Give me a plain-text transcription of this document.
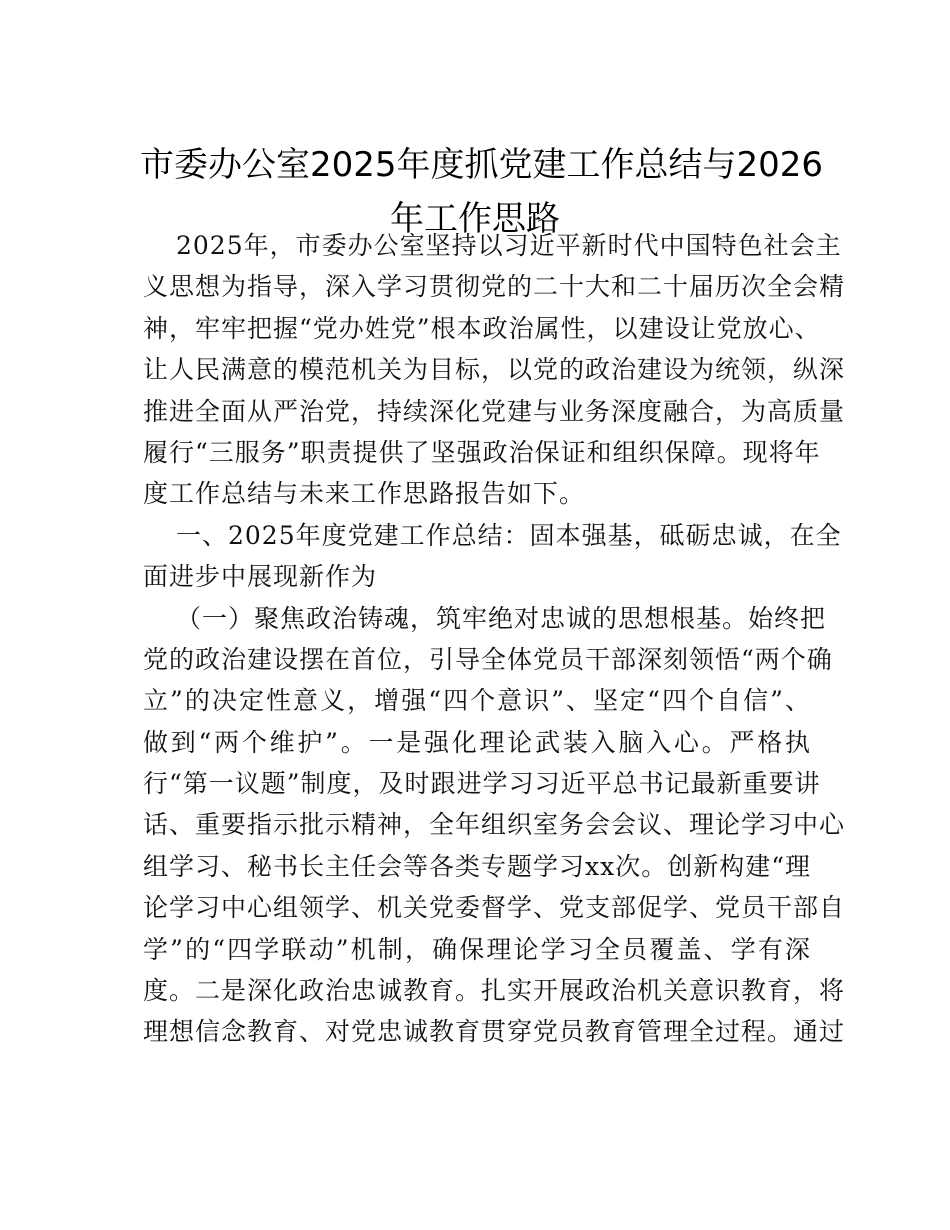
市委办公室2025年度抓党建工作总结与2026
年工作思路
2025年，市委办公室坚持以习近平新时代中国特色社会主
义思想为指导，深入学习贯彻党的二十大和二十届历次全会精
神，牢牢把握“党办姓党”根本政治属性，以建设让党放心、
让人民满意的模范机关为目标，以党的政治建设为统领，纵深
推进全面从严治党，持续深化党建与业务深度融合，为高质量
履行“三服务”职责提供了坚强政治保证和组织保障。现将年
度工作总结与未来工作思路报告如下。
一、2025年度党建工作总结：固本强基，砥砺忠诚，在全
面进步中展现新作为
（一）聚焦政治铸魂，筑牢绝对忠诚的思想根基。始终把
党的政治建设摆在首位，引导全体党员干部深刻领悟“两个确
立”的决定性意义，增强“四个意识”、坚定“四个自信”、
做到“两个维护”。一是强化理论武装入脑入心。严格执
行“第一议题”制度，及时跟进学习习近平总书记最新重要讲
话、重要指示批示精神，全年组织室务会会议、理论学习中心
组学习、秘书长主任会等各类专题学习xx次。创新构建“理
论学习中心组领学、机关党委督学、党支部促学、党员干部自
学”的“四学联动”机制，确保理论学习全员覆盖、学有深
度。二是深化政治忠诚教育。扎实开展政治机关意识教育，将
理想信念教育、对党忠诚教育贯穿党员教育管理全过程。通过
